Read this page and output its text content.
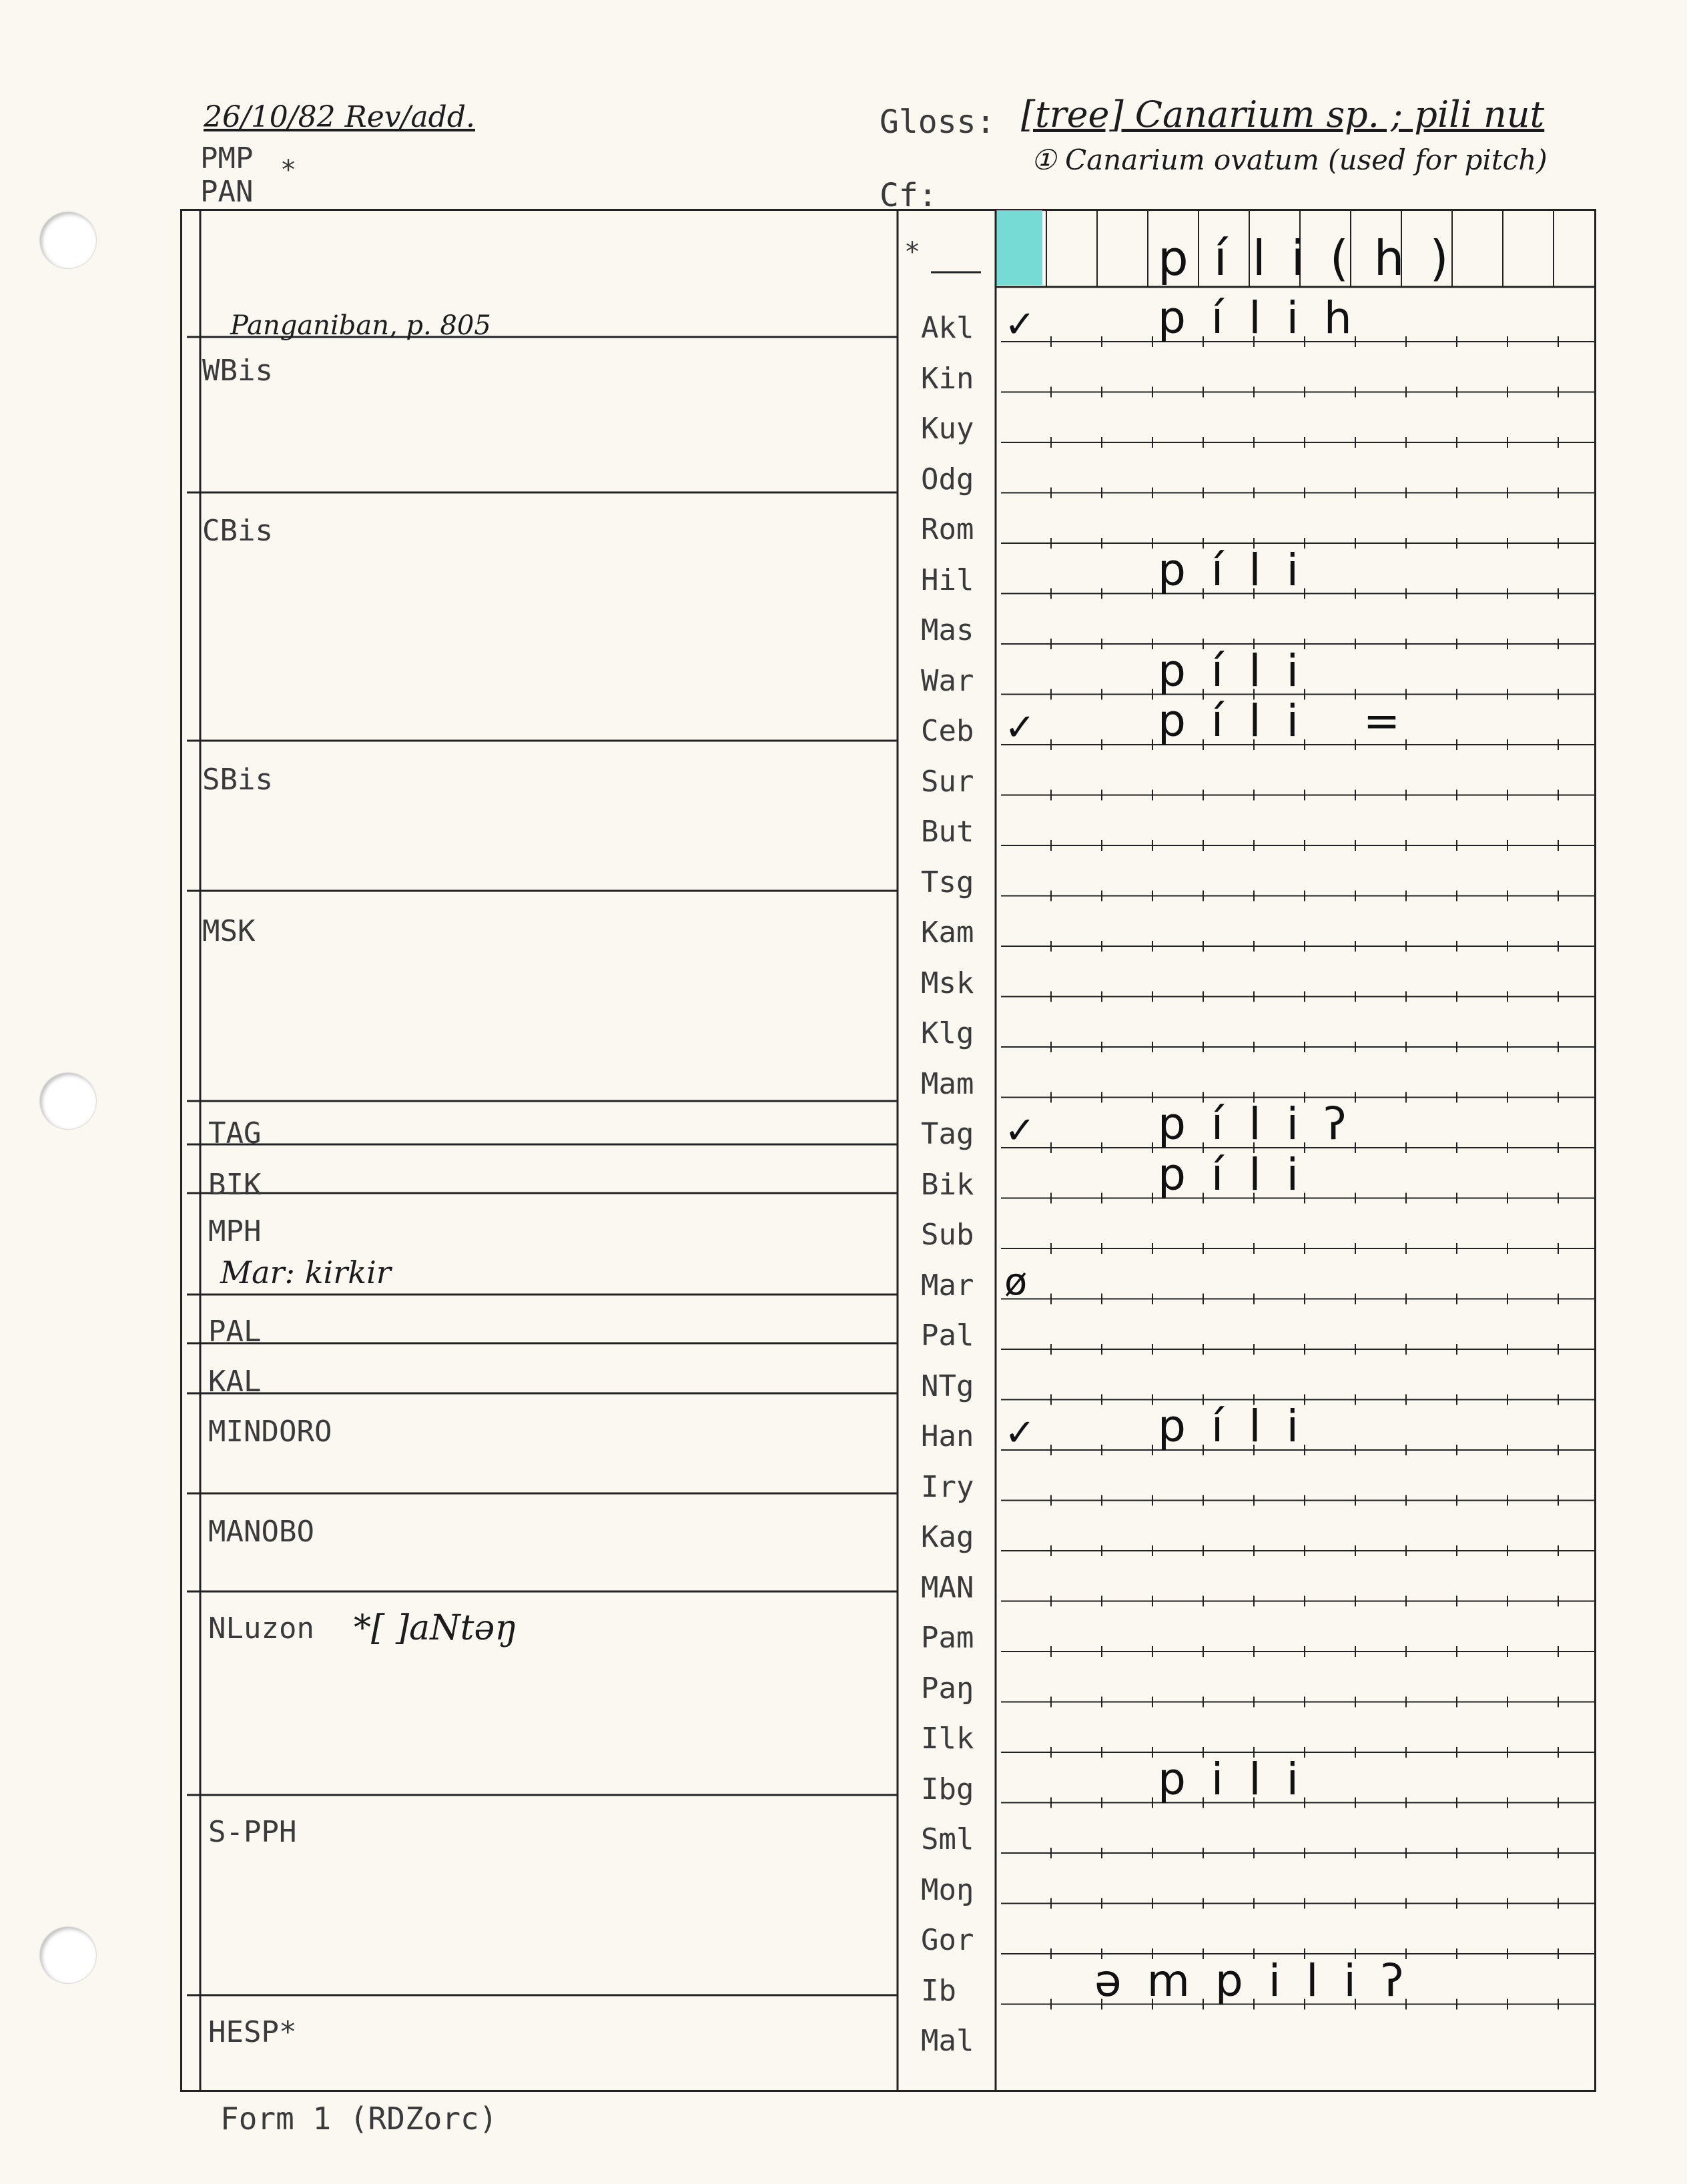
26/10/82 Rev/add.
PMP *
PAN
Gloss: [tree] Canarium sp. ; pili nut
① Canarium ovatum (used for pitch)
Cf:
Panganiban, p. 805
WBis
CBis
SBis
MSK
TAG
BIK
MPH
Mar: kirkir
PAL
KAL
MINDORO
MANOBO
NLuzon *[ ]aNtəŋ
S-PPH
HESP*
Akl ✓	pílih
Kin
Kuy
Odg
Rom
Hil	píli
Mas
War	píli
Ceb ✓	píli =
Sur
But
Tsg
Kam
Msk
Klg
Mam
Tag ✓	píliʔ
Bik	píli
Sub
Mar ø
Pal
NTg
Han ✓	píli
Iry
Kag
MAN
Pam
Paŋ
Ilk
Ibg	pili
Sml
Moŋ
Gor
Ib	əmpiliʔ
Mal
*	píli(h)
Form 1 (RDZorc)
